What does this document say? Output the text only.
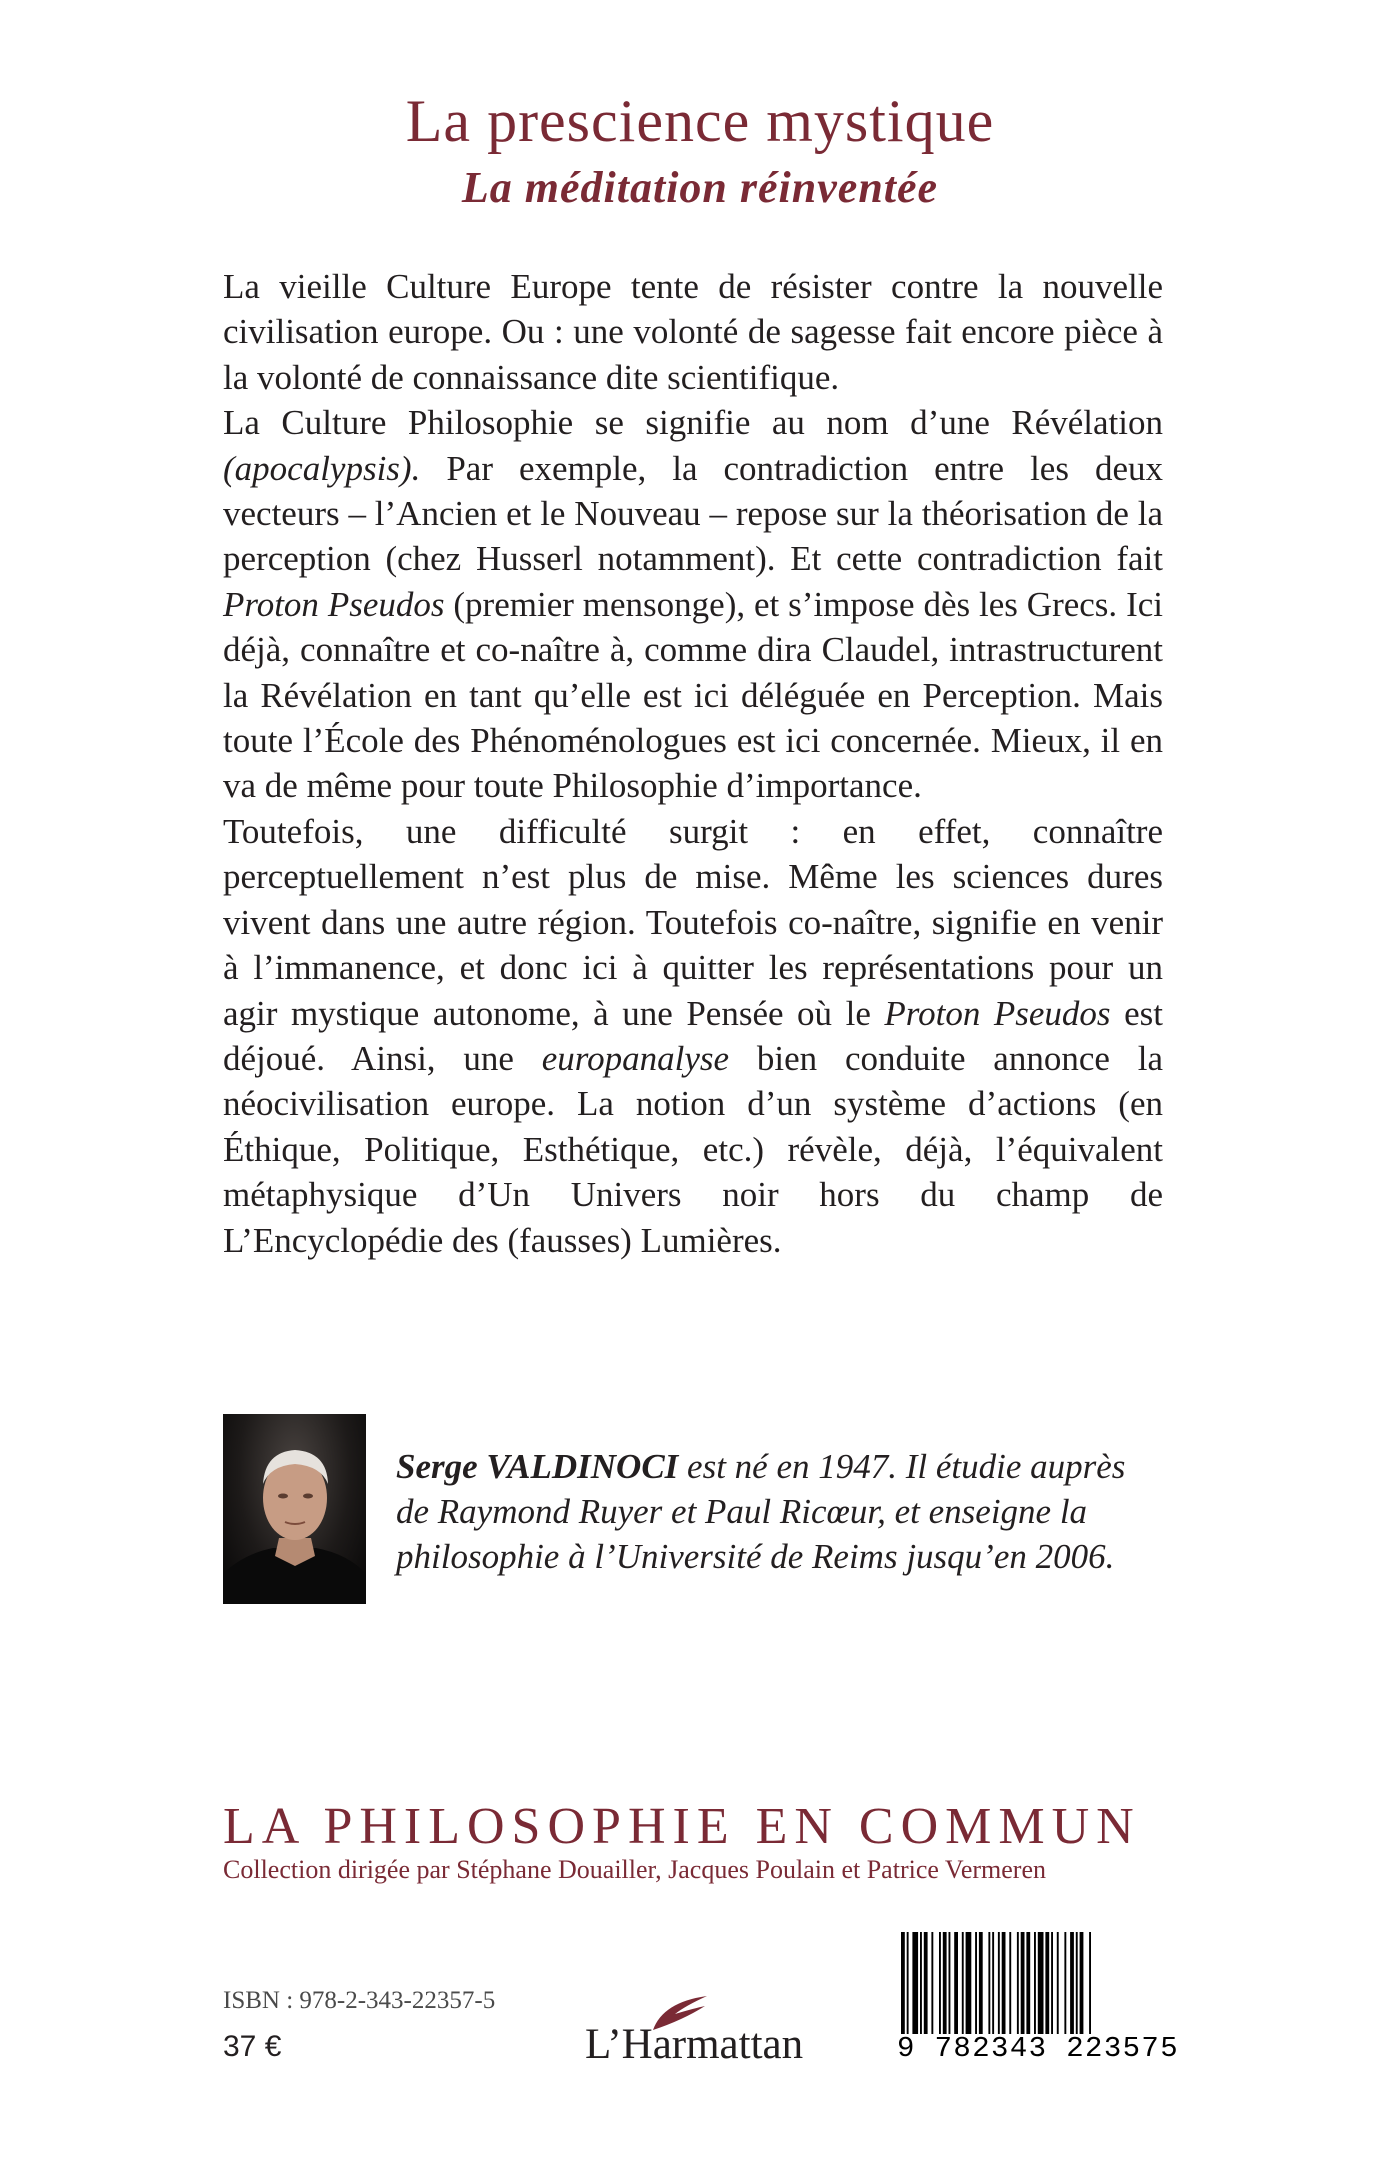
La prescience mystique
La méditation réinventée

La vieille Culture Europe tente de résister contre la nouvelle civilisation europe. Ou : une volonté de sagesse fait encore pièce à la volonté de connaissance dite scientifique.

La Culture Philosophie se signifie au nom d’une Révélation (apocalypsis). Par exemple, la contradiction entre les deux vecteurs – l’Ancien et le Nouveau – repose sur la théorisation de la perception (chez Husserl notamment). Et cette contradiction fait Proton Pseudos (premier mensonge), et s’impose dès les Grecs. Ici déjà, connaître et co-naître à, comme dira Claudel, intrastructurent la Révélation en tant qu’elle est ici déléguée en Perception. Mais toute l’École des Phénoménologues est ici concernée. Mieux, il en va de même pour toute Philosophie d’importance.

Toutefois, une difficulté surgit : en effet, connaître perceptuellement n’est plus de mise. Même les sciences dures vivent dans une autre région. Toutefois co-naître, signifie en venir à l’immanence, et donc ici à quitter les représentations pour un agir mystique autonome, à une Pensée où le Proton Pseudos est déjoué. Ainsi, une europanalyse bien conduite annonce la néocivilisation europe. La notion d’un système d’actions (en Éthique, Politique, Esthétique, etc.) révèle, déjà, l’équivalent métaphysique d’Un Univers noir hors du champ de L’Encyclopédie des (fausses) Lumières.

Serge VALDINOCI est né en 1947. Il étudie auprès de Raymond Ruyer et Paul Ricœur, et enseigne la philosophie à l’Université de Reims jusqu’en 2006.

LA PHILOSOPHIE EN COMMUN
Collection dirigée par Stéphane Douailler, Jacques Poulain et Patrice Vermeren
ISBN : 978-2-343-22357-5
37 €	L’Harmattan	9 782343 223575
